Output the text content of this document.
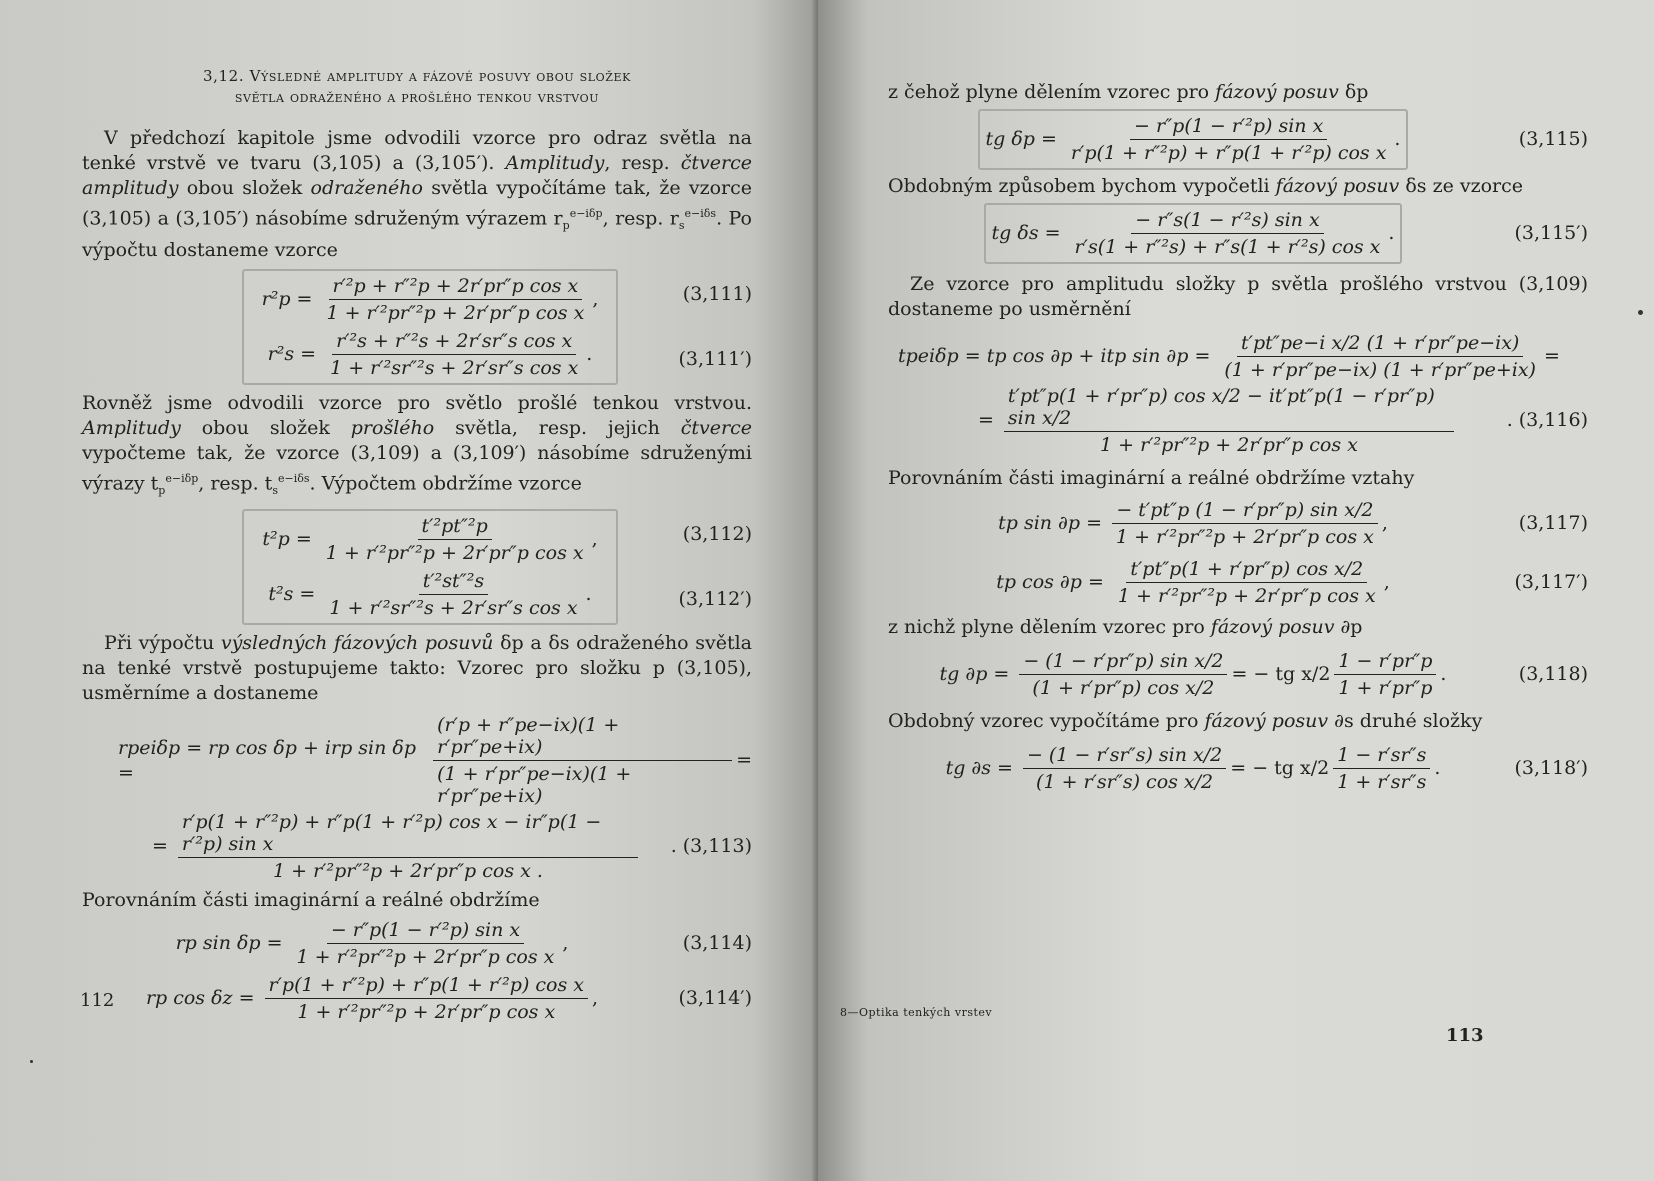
3,12. Výsledné amplitudy a fázové posuvy obou složek
světla odraženého a prošlého tenkou vrstvou

V předchozí kapitole jsme odvodili vzorce pro odraz světla na tenké vrstvě ve tvaru (3,105) a (3,105′). Amplitudy, resp. čtverce amplitudy obou složek odraženého světla vypočítáme tak, že vzorce (3,105) a (3,105′) násobíme sdruženým výrazem $r_p^{e-i\delta p}$, resp. $r_s^{e-i\delta s}$. Po výpočtu dostaneme vzorce

$r^2p = \frac{\text{r′²p + r″²p + 2r′pr″p cos x}}{\text{1 + r′²pr″²p + 2r′pr″p cos x}}$ ,
$r^2s = \frac{\text{r′²s + r″²s + 2r′sr″s cos x}}{\text{1 + r′²sr″²s + 2r′sr″s cos x}}$ .
(3,111)
(3,111′)

Rovněž jsme odvodili vzorce pro světlo prošlé tenkou vrstvou. Amplitudy obou složek prošlého světla, resp. jejich čtverce vypočteme tak, že vzorce (3,109) a (3,109′) násobíme sdruženými výrazy $t_p^{e-i\delta p}$, resp. $t_s^{e-i\delta s}$. Výpočtem obdržíme vzorce

$t^2p = \frac{\text{t′²pt″²p}}{\text{1 + r′²pr″²p + 2r′pr″p cos x}}$ ,
$t^2s = \frac{\text{t′²st″²s}}{\text{1 + r′²sr″²s + 2r′sr″s cos x}}$ .
(3,112)
(3,112′)

Při výpočtu výsledných fázových posuvů δp a δs odraženého světla na tenké vrstvě postupujeme takto: Vzorec pro složku p (3,105), usměrníme a dostaneme

rpeiδp = rp cos δp + irp sin δp =	$\frac{(r'p + r''pe-ix)(1 + r'pr''pe+ix)}{(1 + r'pr''pe-ix)(1 + r'pr''pe+ix)}$ =
= $\frac{\text{r′p(1 + r″²p) + r″p(1 + r′²p) cos x − ir″p(1 − r′²p) sin x}}{\text{1 + r′²pr″²p + 2r′pr″p cos x .}}$	. (3,113)

Porovnáním části imaginární a reálné obdržíme

rp $\sin \delta p = \frac{\text{− r″p(1 − r′²p) sin x}}{\text{1 + r′²pr″²p + 2r′pr″p cos x}}$ ,	(3,114)
rp $\cos \delta z = \frac{\text{r′p(1 + r″²p) + r″p(1 + r′²p) cos x}}{\text{1 + r′²pr″²p + 2r′pr″p cos x}}$ ,	(3,114′)
112

z čehož plyne dělením vzorec pro fázový posuv δp

tg $\delta p = \frac{\text{− r″p(1 − r′²p) sin x}}{\text{r′p(1 + r″²p) + r″p(1 + r′²p) cos x}}$ .	(3,115)

Obdobným způsobem bychom vypočetli fázový posuv δs ze vzorce

tg $\delta s = \frac{\text{− r″s(1 − r′²s) sin x}}{\text{r′s(1 + r″²s) + r″s(1 + r′²s) cos x}}$ .	(3,115′)

Ze vzorce pro amplitudu složky p světla prošlého vrstvou (3,109) dostaneme po usměrnění

tpeiδp = tp cos ∂p + itp $\sin \partial p = \frac{\text{t′pt″pe−i x/2 (1 + r′pr″pe−ix)}}{(1 + r'pr''pe-ix) (1 + r'pr''pe+ix)}$ =
= $\frac{\text{t′pt″p(1 + r′pr″p) cos x/2 − it′pt″p(1 − r′pr″p) sin x/2}}{\text{1 + r′²pr″²p + 2r′pr″p cos x}}$	. (3,116)

Porovnáním části imaginární a reálné obdržíme vztahy

tp $\sin \partial p = \frac{\text{− t′pt″p (1 − r′pr″p) sin x/2}}{\text{1 + r′²pr″²p + 2r′pr″p cos x}}$ ,	(3,117)
tp $\cos \partial p = \frac{\text{t′pt″p(1 + r′pr″p) cos x/2}}{\text{1 + r′²pr″²p + 2r′pr″p cos x}}$ ,	(3,117′)

z nichž plyne dělením vzorec pro fázový posuv ∂p

tg $\partial p = \frac{\text{− (1 − r′pr″p) sin x/2}}{\text{(1 + r′pr″p) cos x/2}}$ = − tg $x/2 \frac{1 - r'pr''p}{1 + r'pr''p}$ .	(3,118)

Obdobný vzorec vypočítáme pro fázový posuv ∂s druhé složky

tg $\partial s = \frac{\text{− (1 − r′sr″s) sin x/2}}{\text{(1 + r′sr″s) cos x/2}}$ = − tg $x/2 \frac{1 - r'sr''s}{1 + r'sr''s}$ .	(3,118′)
8—Optika tenkých vrstev
113
